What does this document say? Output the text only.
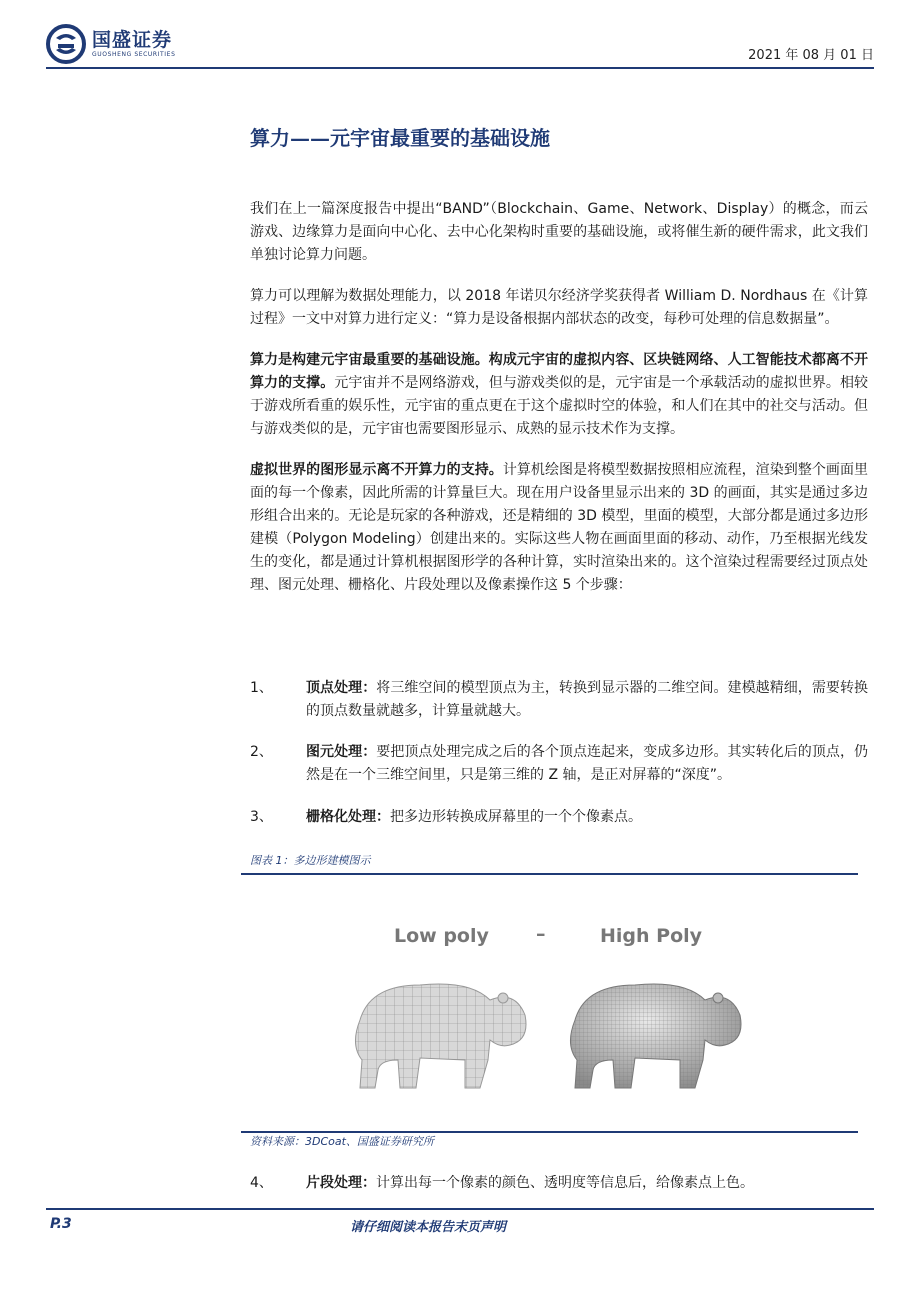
国盛证券
GUOSHENG SECURITIES	2021 年 08 月 01 日
算力——元宇宙最重要的基础设施

我们在上一篇深度报告中提出“BAND”（Blockchain、Game、Network、Display）的概念，而云游戏、边缘算力是面向中心化、去中心化架构时重要的基础设施，或将催生新的硬件需求，此文我们单独讨论算力问题。

算力可以理解为数据处理能力，以 2018 年诺贝尔经济学奖获得者 William D. Nordhaus 在《计算过程》一文中对算力进行定义：“算力是设备根据内部状态的改变，每秒可处理的信息数据量”。

算力是构建元宇宙最重要的基础设施。构成元宇宙的虚拟内容、区块链网络、人工智能技术都离不开算力的支撑。元宇宙并不是网络游戏，但与游戏类似的是，元宇宙是一个承载活动的虚拟世界。相较于游戏所看重的娱乐性，元宇宙的重点更在于这个虚拟时空的体验，和人们在其中的社交与活动。但与游戏类似的是，元宇宙也需要图形显示、成熟的显示技术作为支撑。

虚拟世界的图形显示离不开算力的支持。计算机绘图是将模型数据按照相应流程，渲染到整个画面里面的每一个像素，因此所需的计算量巨大。现在用户设备里显示出来的 3D 的画面，其实是通过多边形组合出来的。无论是玩家的各种游戏，还是精细的 3D 模型，里面的模型，大部分都是通过多边形建模（Polygon Modeling）创建出来的。实际这些人物在画面里面的移动、动作，乃至根据光线发生的变化，都是通过计算机根据图形学的各种计算，实时渲染出来的。这个渲染过程需要经过顶点处理、图元处理、栅格化、片段处理以及像素操作这 5 个步骤：

1、 顶点处理：将三维空间的模型顶点为主，转换到显示器的二维空间。建模越精细，需要转换的顶点数量就越多，计算量就越大。
2、 图元处理：要把顶点处理完成之后的各个顶点连起来，变成多边形。其实转化后的顶点，仍然是在一个三维空间里，只是第三维的 Z 轴，是正对屏幕的“深度”。
3、 栅格化处理：把多边形转换成屏幕里的一个个像素点。
图表 1：多边形建模图示
Low poly –	High Poly
资料来源：3DCoat、国盛证券研究所
4、 片段处理：计算出每一个像素的颜色、透明度等信息后，给像素点上色。
P.3	请仔细阅读本报告末页声明
